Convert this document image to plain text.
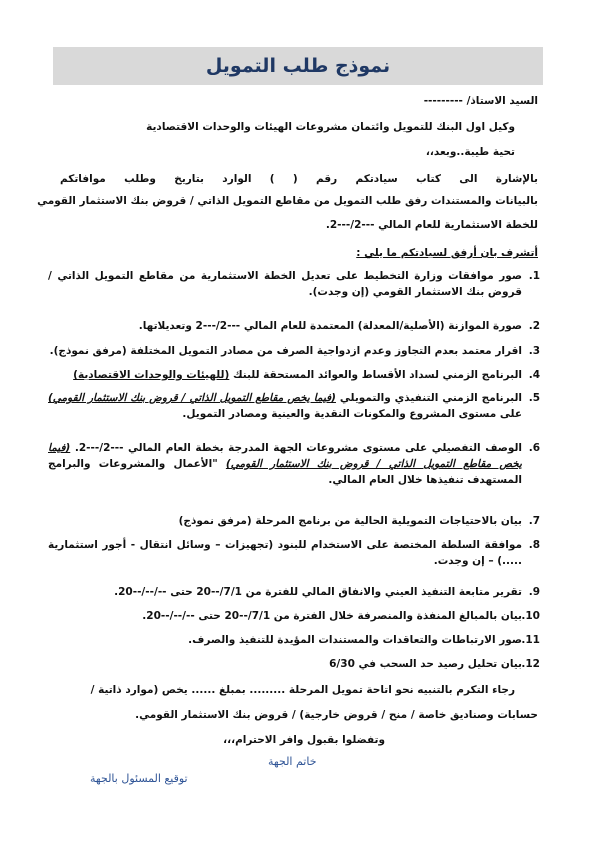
نموذج طلب التمويل
السيد الاستاذ/ ---------
وكيل اول البنك للتمويل وائتمان مشروعات الهيئات والوحدات الاقتصادية
تحية طيبة..وبعد،،
بالإشارة الى كتاب سيادتكم رقم ( ) الوارد بتاريخ وطلب موافاتكم
بالبيانات والمستندات رفق طلب التمويل من مقاطع التمويل الذاتي / قروض بنك الاستثمار القومي
للخطة الاستثمارية للعام المالي ---2/---2.
أتشرف بان أرفق لسيادتكم ما يلي :
1.
صور موافقات وزارة التخطيط على تعديل الخطة الاستثمارية من مقاطع التمويل الذاتي / قروض بنك الاستثمار القومي (إن وجدت).
2.
صورة الموازنة (الأصلية/المعدلة) المعتمدة للعام المالي ---2/---2 وتعديلاتها.
3.
اقرار معتمد بعدم التجاوز وعدم ازدواجية الصرف من مصادر التمويل المختلفة (مرفق نموذج).
4.
البرنامج الزمني لسداد الأقساط والعوائد المستحقة للبنك (للهيئات والوحدات الاقتصادية)
5.
البرنامج الزمني التنفيذي والتمويلي (فيما يخص مقاطع التمويل الذاتي / قروض بنك الاستثمار القومي) على مستوى المشروع والمكونات النقدية والعينية ومصادر التمويل.
6.
الوصف التفصيلي على مستوى مشروعات الجهة المدرجة بخطة العام المالي ---2/---2. (فيما يخص مقاطع التمويل الذاتي / قروض بنك الاستثمار القومي) "الأعمال والمشروعات والبرامج المستهدف تنفيذها خلال العام المالي.
7.
بيان بالاحتياجات التمويلية الحالية من برنامج المرحلة (مرفق نموذج)
8.
موافقة السلطة المختصة على الاستخدام للبنود (تجهيزات – وسائل انتقال - أجور استثمارية .....) – إن وجدت.
9.
تقرير متابعة التنفيذ العيني والانفاق المالي للفترة من 7/1/--20 حتى --/--/--20.
10.
بيان بالمبالغ المنفذة والمنصرفة خلال الفترة من 7/1/--20 حتى --/--/--20.
11.
صور الارتباطات والتعاقدات والمستندات المؤيدة للتنفيذ والصرف.
12.
بيان تحليل رصيد حد السحب في 6/30
رجاء التكرم بالتنبيه نحو اتاحة تمويل المرحلة ......... بمبلغ ...... يخص (موارد ذاتية /
حسابات وصناديق خاصة / منح / قروض خارجية) / قروض بنك الاستثمار القومي.
وتفضلوا بقبول وافر الاحترام،،،
خاتم الجهة
توقيع المسئول بالجهة
